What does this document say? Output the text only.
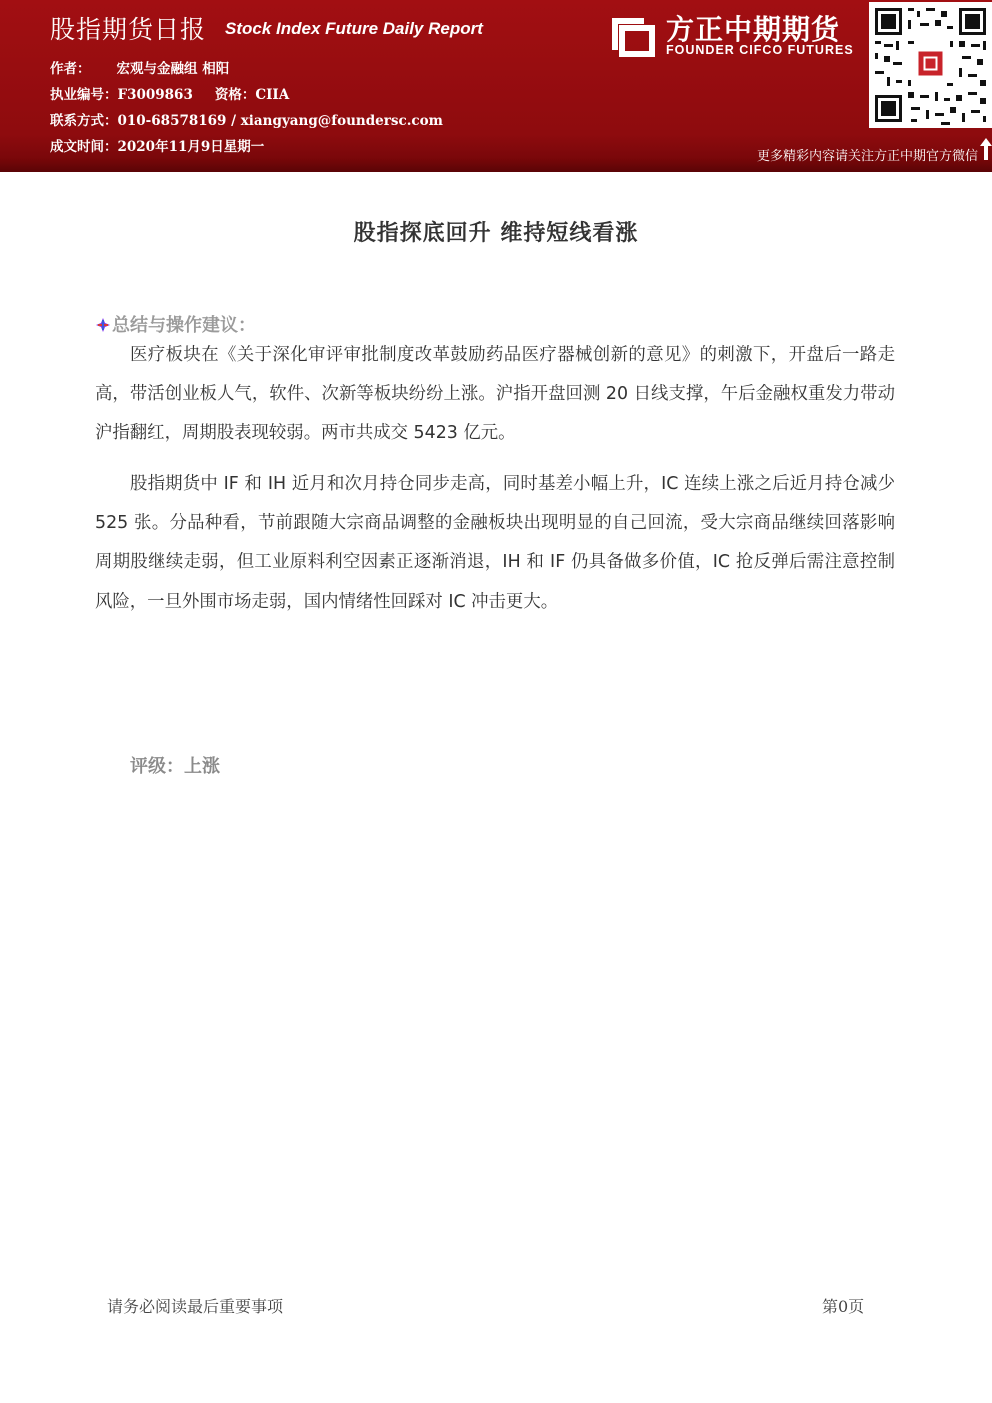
股指期货日报 Stock Index Future Daily Report
作者： 宏观与金融组 相阳
执业编号：F3009863 资格：CIIA
联系方式：010-68578169 / xiangyang@foundersc.com
成文时间：2020年11月9日星期一
方正中期期货
FOUNDER CIFCO FUTURES
更多精彩内容请关注方正中期官方微信
股指探底回升 维持短线看涨
总结与操作建议：
医疗板块在《关于深化审评审批制度改革鼓励药品医疗器械创新的意见》的刺激下，开盘后一路走高，带活创业板人气，软件、次新等板块纷纷上涨。沪指开盘回测 20 日线支撑，午后金融权重发力带动沪指翻红，周期股表现较弱。两市共成交 5423 亿元。
股指期货中 IF 和 IH 近月和次月持仓同步走高，同时基差小幅上升，IC 连续上涨之后近月持仓减少 525 张。分品种看，节前跟随大宗商品调整的金融板块出现明显的自己回流，受大宗商品继续回落影响周期股继续走弱，但工业原料利空因素正逐渐消退，IH 和 IF 仍具备做多价值，IC 抢反弹后需注意控制风险，一旦外围市场走弱，国内情绪性回踩对 IC 冲击更大。
评级：上涨
请务必阅读最后重要事项	第0页
